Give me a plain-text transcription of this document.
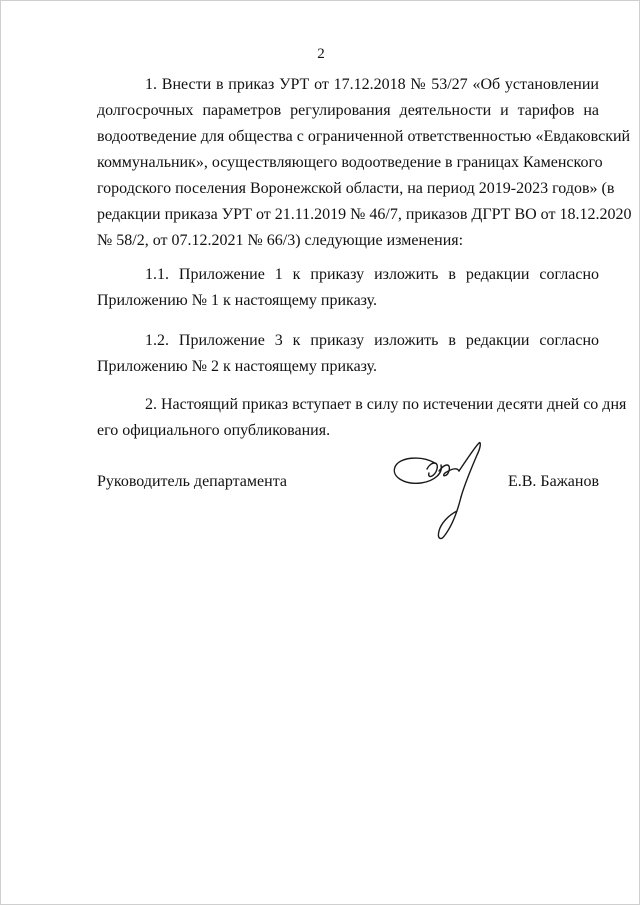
2
1. Внести в приказ УРТ от 17.12.2018 № 53/27 «Об установлении
долгосрочных параметров регулирования деятельности и тарифов на
водоотведение для общества с ограниченной ответственностью «Евдаковский
коммунальник», осуществляющего водоотведение в границах Каменского
городского поселения Воронежской области, на период 2019-2023 годов» (в
редакции приказа УРТ от 21.11.2019 № 46/7, приказов ДГРТ ВО от 18.12.2020
№ 58/2, от 07.12.2021 № 66/3) следующие изменения:
1.1. Приложение 1 к приказу изложить в редакции согласно
Приложению № 1 к настоящему приказу.
1.2. Приложение 3 к приказу изложить в редакции согласно
Приложению № 2 к настоящему приказу.
2. Настоящий приказ вступает в силу по истечении десяти дней со дня
его официального опубликования.
Руководитель департамента	Е.В. Бажанов
